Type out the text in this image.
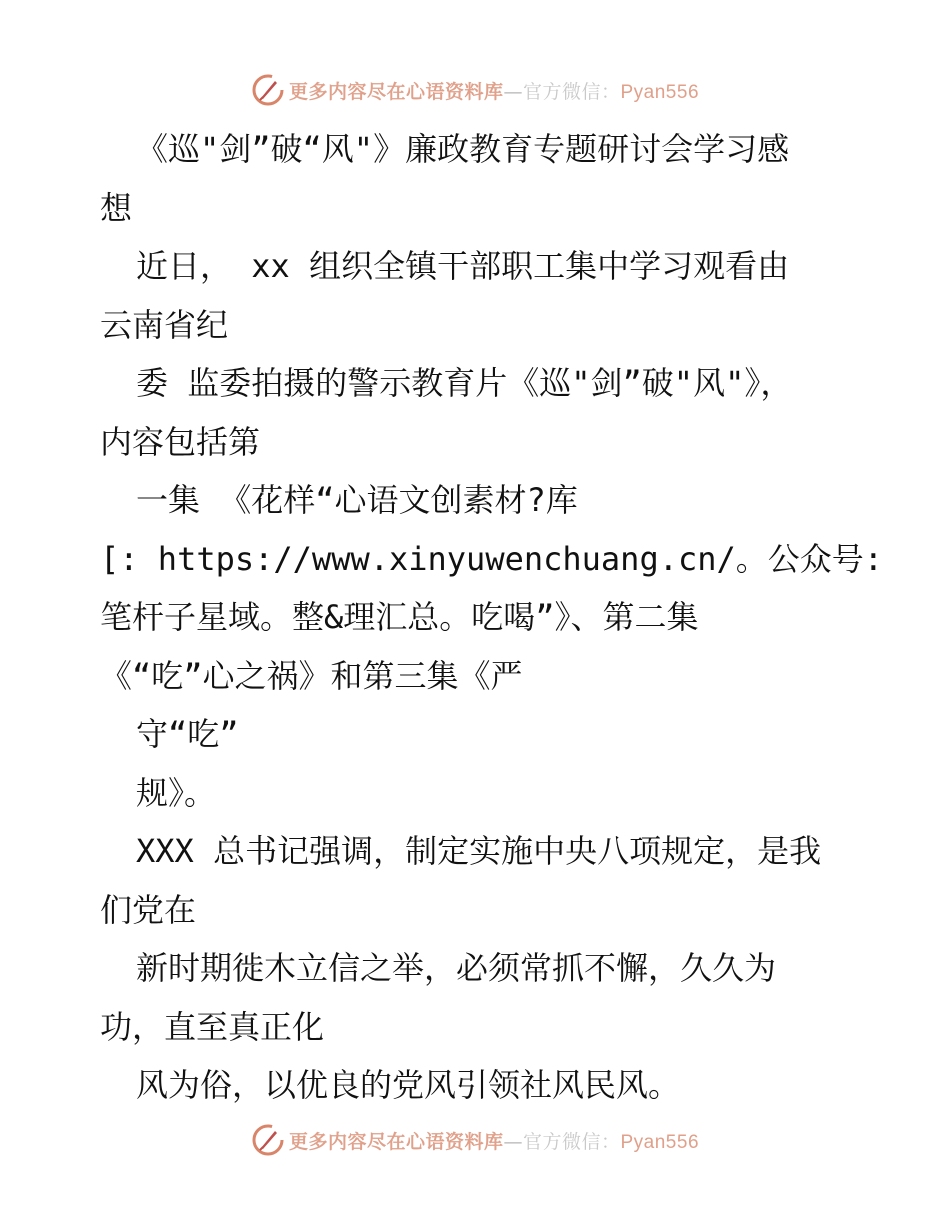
更多内容尽在心语资料库—官方微信：Pyan556
《巡"剑”破“风"》廉政教育专题研讨会学习感
想
近日， xx 组织全镇干部职工集中学习观看由
云南省纪
委 监委拍摄的警示教育片《巡"剑”破"风"》，
内容包括第
一集 《花样“心语文创素材?库
[: https://www.xinyuwenchuang.cn/。公众号:
笔杆子星域。整&理汇总。吃喝”》、第二集
《“吃”心之祸》和第三集《严
守“吃”
规》。
XXX 总书记强调，制定实施中央八项规定，是我
们党在
新时期徙木立信之举，必须常抓不懈，久久为
功，直至真正化
风为俗，以优良的党风引领社风民风。
更多内容尽在心语资料库—官方微信：Pyan556
